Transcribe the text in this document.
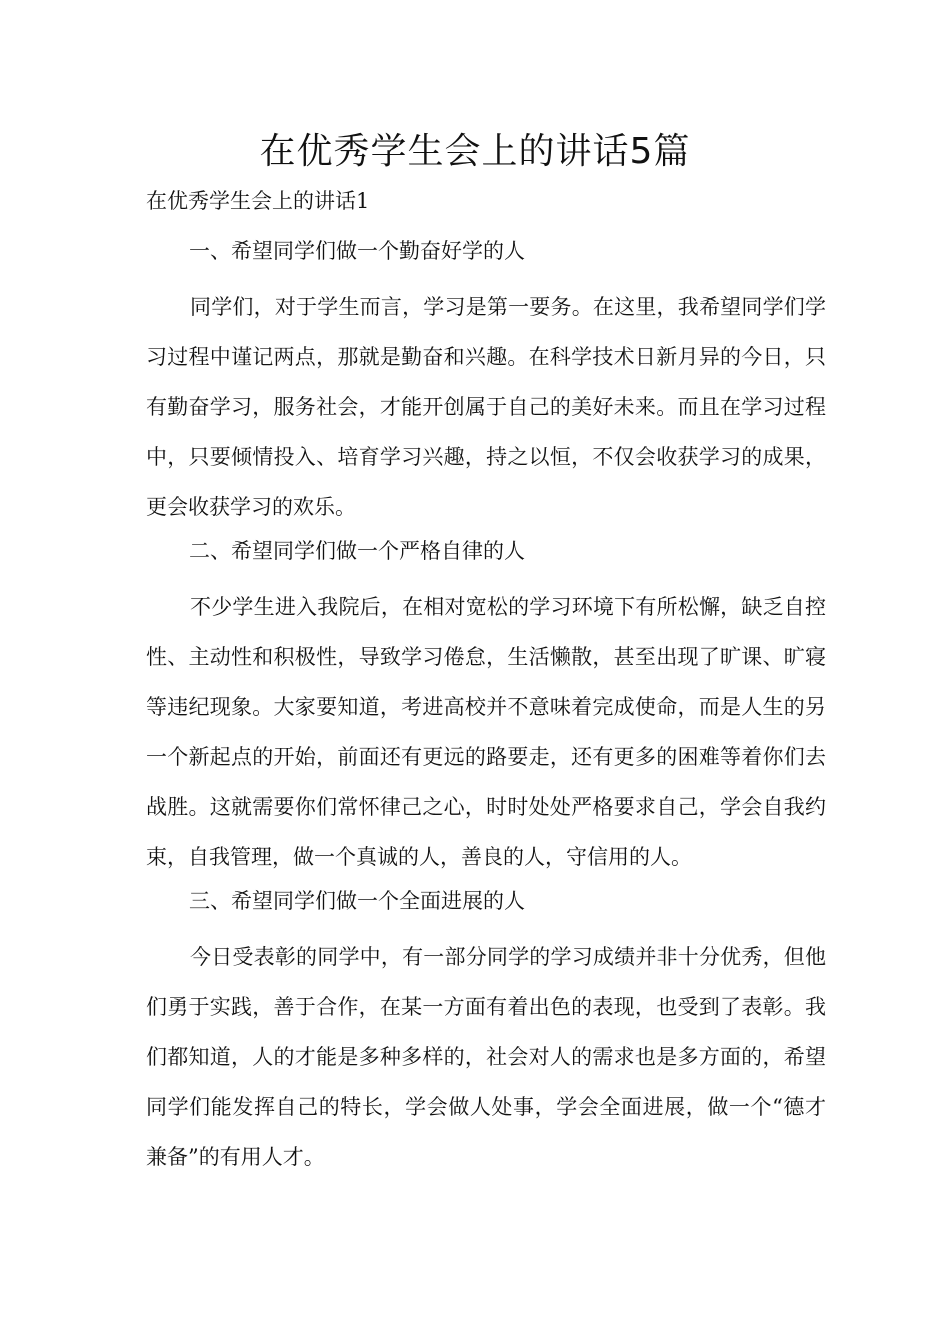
在优秀学生会上的讲话5篇

在优秀学生会上的讲话1

一、希望同学们做一个勤奋好学的人

同学们，对于学生而言，学习是第一要务。在这里，我希望同学们学习过程中谨记两点，那就是勤奋和兴趣。在科学技术日新月异的今日，只有勤奋学习，服务社会，才能开创属于自己的美好未来。而且在学习过程中，只要倾情投入、培育学习兴趣，持之以恒，不仅会收获学习的成果，更会收获学习的欢乐。

二、希望同学们做一个严格自律的人

不少学生进入我院后，在相对宽松的学习环境下有所松懈，缺乏自控性、主动性和积极性，导致学习倦怠，生活懒散，甚至出现了旷课、旷寝等违纪现象。大家要知道，考进高校并不意味着完成使命，而是人生的另一个新起点的开始，前面还有更远的路要走，还有更多的困难等着你们去战胜。这就需要你们常怀律己之心，时时处处严格要求自己，学会自我约束，自我管理，做一个真诚的人，善良的人，守信用的人。

三、希望同学们做一个全面进展的人

今日受表彰的同学中，有一部分同学的学习成绩并非十分优秀，但他们勇于实践，善于合作，在某一方面有着出色的表现，也受到了表彰。我们都知道，人的才能是多种多样的，社会对人的需求也是多方面的，希望同学们能发挥自己的特长，学会做人处事，学会全面进展，做一个“德才兼备”的有用人才。
